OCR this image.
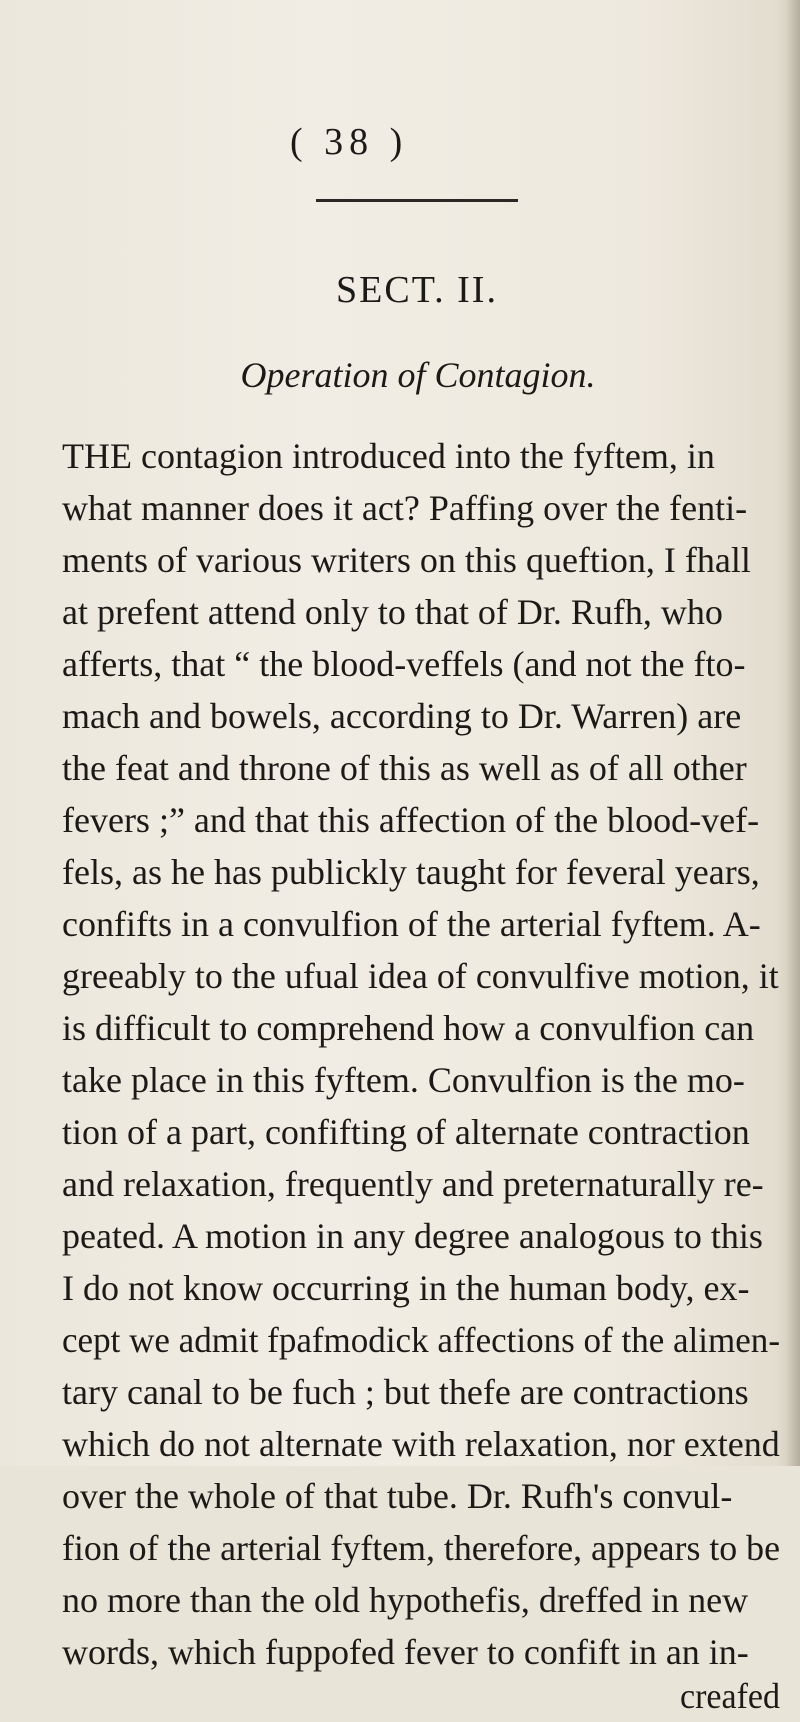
( 38 )
SECT. II.
Operation of Contagion.
THE contagion introduced into the fyftem, in
what manner does it act? Paffing over the fenti-
ments of various writers on this queftion, I fhall
at prefent attend only to that of Dr. Rufh, who
afferts, that “ the blood-veffels (and not the fto-
mach and bowels, according to Dr. Warren) are
the feat and throne of this as well as of all other
fevers ;” and that this affection of the blood-vef-
fels, as he has publickly taught for feveral years,
confifts in a convulfion of the arterial fyftem. A-
greeably to the ufual idea of convulfive motion, it
is difficult to comprehend how a convulfion can
take place in this fyftem. Convulfion is the mo-
tion of a part, confifting of alternate contraction
and relaxation, frequently and preternaturally re-
peated. A motion in any degree analogous to this
I do not know occurring in the human body, ex-
cept we admit fpafmodick affections of the alimen-
tary canal to be fuch ; but thefe are contractions
which do not alternate with relaxation, nor extend
over the whole of that tube. Dr. Rufh's convul-
fion of the arterial fyftem, therefore, appears to be
no more than the old hypothefis, dreffed in new
words, which fuppofed fever to confift in an in-
creafed
